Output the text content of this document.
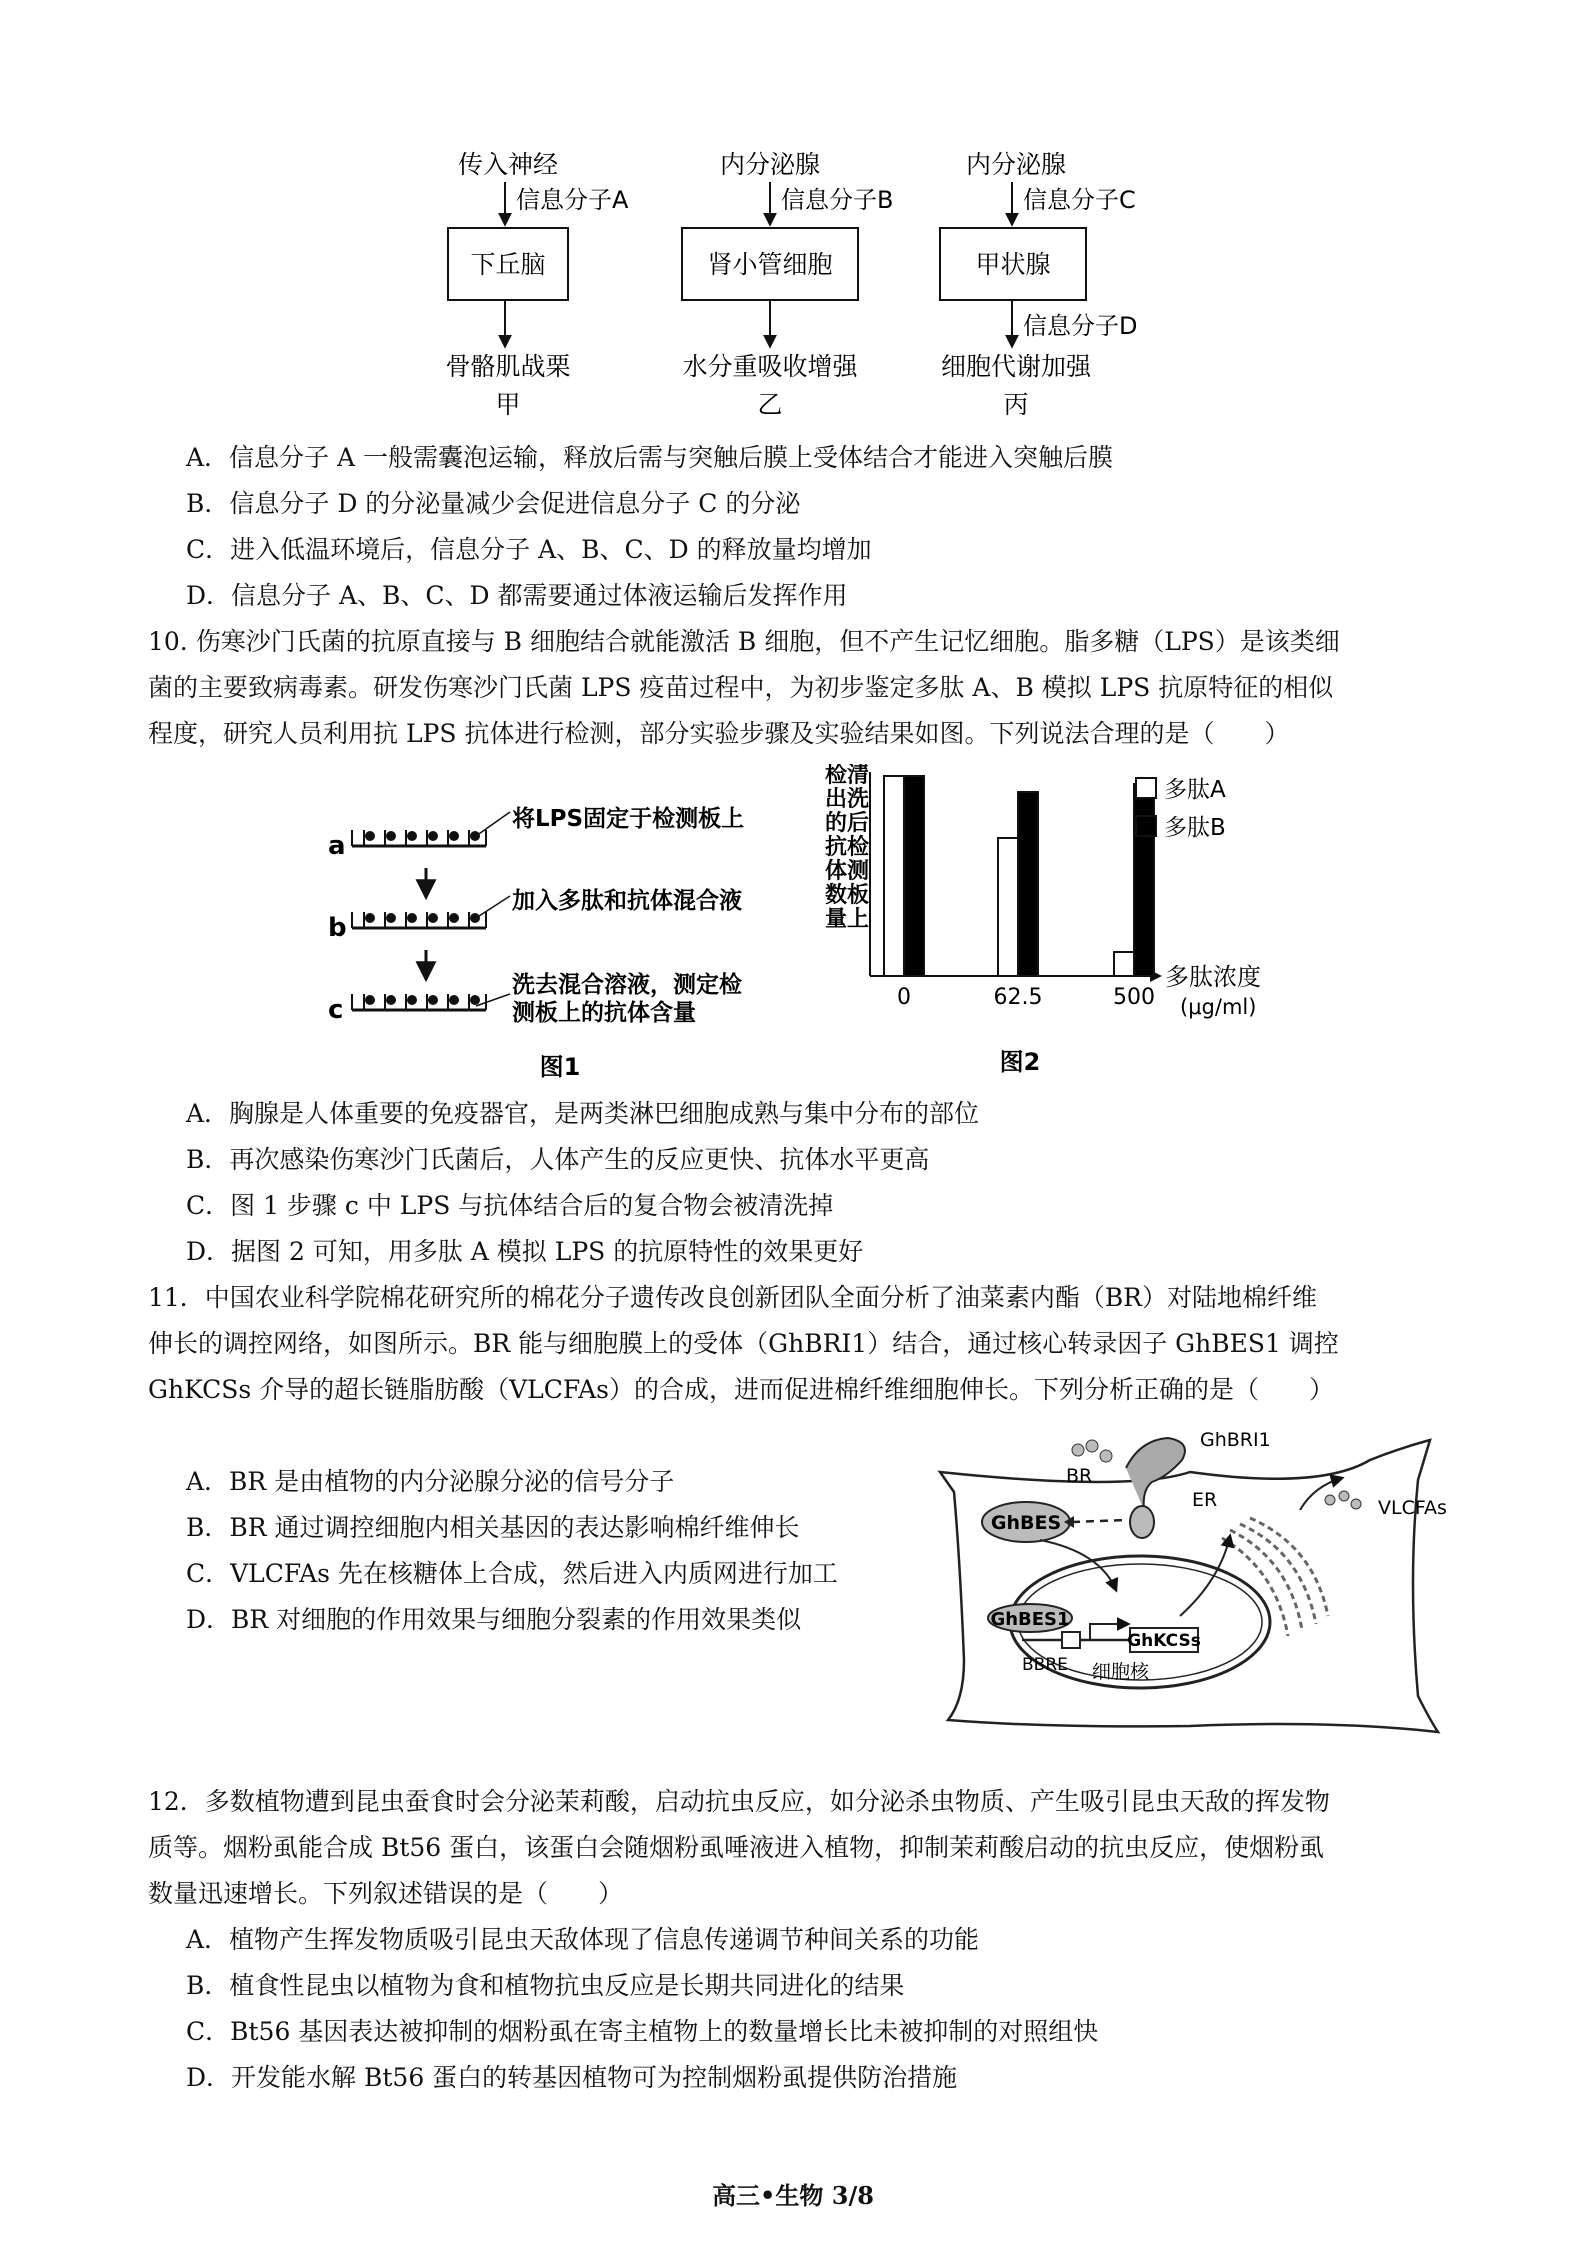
传入神经
信息分子A
下丘脑
骨骼肌战栗
甲
内分泌腺
信息分子B
肾小管细胞
水分重吸收增强
乙
内分泌腺
信息分子C
甲状腺
信息分子D
细胞代谢加强
丙
A．信息分子 A 一般需囊泡运输，释放后需与突触后膜上受体结合才能进入突触后膜
B．信息分子 D 的分泌量减少会促进信息分子 C 的分泌
C．进入低温环境后，信息分子 A、B、C、D 的释放量均增加
D．信息分子 A、B、C、D 都需要通过体液运输后发挥作用
10. 伤寒沙门氏菌的抗原直接与 B 细胞结合就能激活 B 细胞，但不产生记忆细胞。脂多糖（LPS）是该类细
菌的主要致病毒素。研发伤寒沙门氏菌 LPS 疫苗过程中，为初步鉴定多肽 A、B 模拟 LPS 抗原特征的相似
程度，研究人员利用抗 LPS 抗体进行检测，部分实验步骤及实验结果如图。下列说法合理的是（　　）
a
b
c
将LPS固定于检测板上
加入多肽和抗体混合液
洗去混合溶液，测定检
测板上的抗体含量
图1
检
出
的
抗
体
数
量
清
洗
后
检
测
板
上
0	62.5	500
多肽浓度
(μg/ml)
多肽A
多肽B
图2
A．胸腺是人体重要的免疫器官，是两类淋巴细胞成熟与集中分布的部位
B．再次感染伤寒沙门氏菌后，人体产生的反应更快、抗体水平更高
C．图 1 步骤 c 中 LPS 与抗体结合后的复合物会被清洗掉
D．据图 2 可知，用多肽 A 模拟 LPS 的抗原特性的效果更好
11．中国农业科学院棉花研究所的棉花分子遗传改良创新团队全面分析了油菜素内酯（BR）对陆地棉纤维
伸长的调控网络，如图所示。BR 能与细胞膜上的受体（GhBRI1）结合，通过核心转录因子 GhBES1 调控
GhKCSs 介导的超长链脂肪酸（VLCFAs）的合成，进而促进棉纤维细胞伸长。下列分析正确的是（　　）
A．BR 是由植物的内分泌腺分泌的信号分子
B．BR 通过调控细胞内相关基因的表达影响棉纤维伸长
C．VLCFAs 先在核糖体上合成，然后进入内质网进行加工
D．BR 对细胞的作用效果与细胞分裂素的作用效果类似
GhBRI1
BR
GhBES
ER	VLCFAs
GhBES1
GhKCSs
BBRE 细胞核
12．多数植物遭到昆虫蚕食时会分泌茉莉酸，启动抗虫反应，如分泌杀虫物质、产生吸引昆虫天敌的挥发物
质等。烟粉虱能合成 Bt56 蛋白，该蛋白会随烟粉虱唾液进入植物，抑制茉莉酸启动的抗虫反应，使烟粉虱
数量迅速增长。下列叙述错误的是（　　）
A．植物产生挥发物质吸引昆虫天敌体现了信息传递调节种间关系的功能
B．植食性昆虫以植物为食和植物抗虫反应是长期共同进化的结果
C．Bt56 基因表达被抑制的烟粉虱在寄主植物上的数量增长比未被抑制的对照组快
D．开发能水解 Bt56 蛋白的转基因植物可为控制烟粉虱提供防治措施
高三•生物 3/8
